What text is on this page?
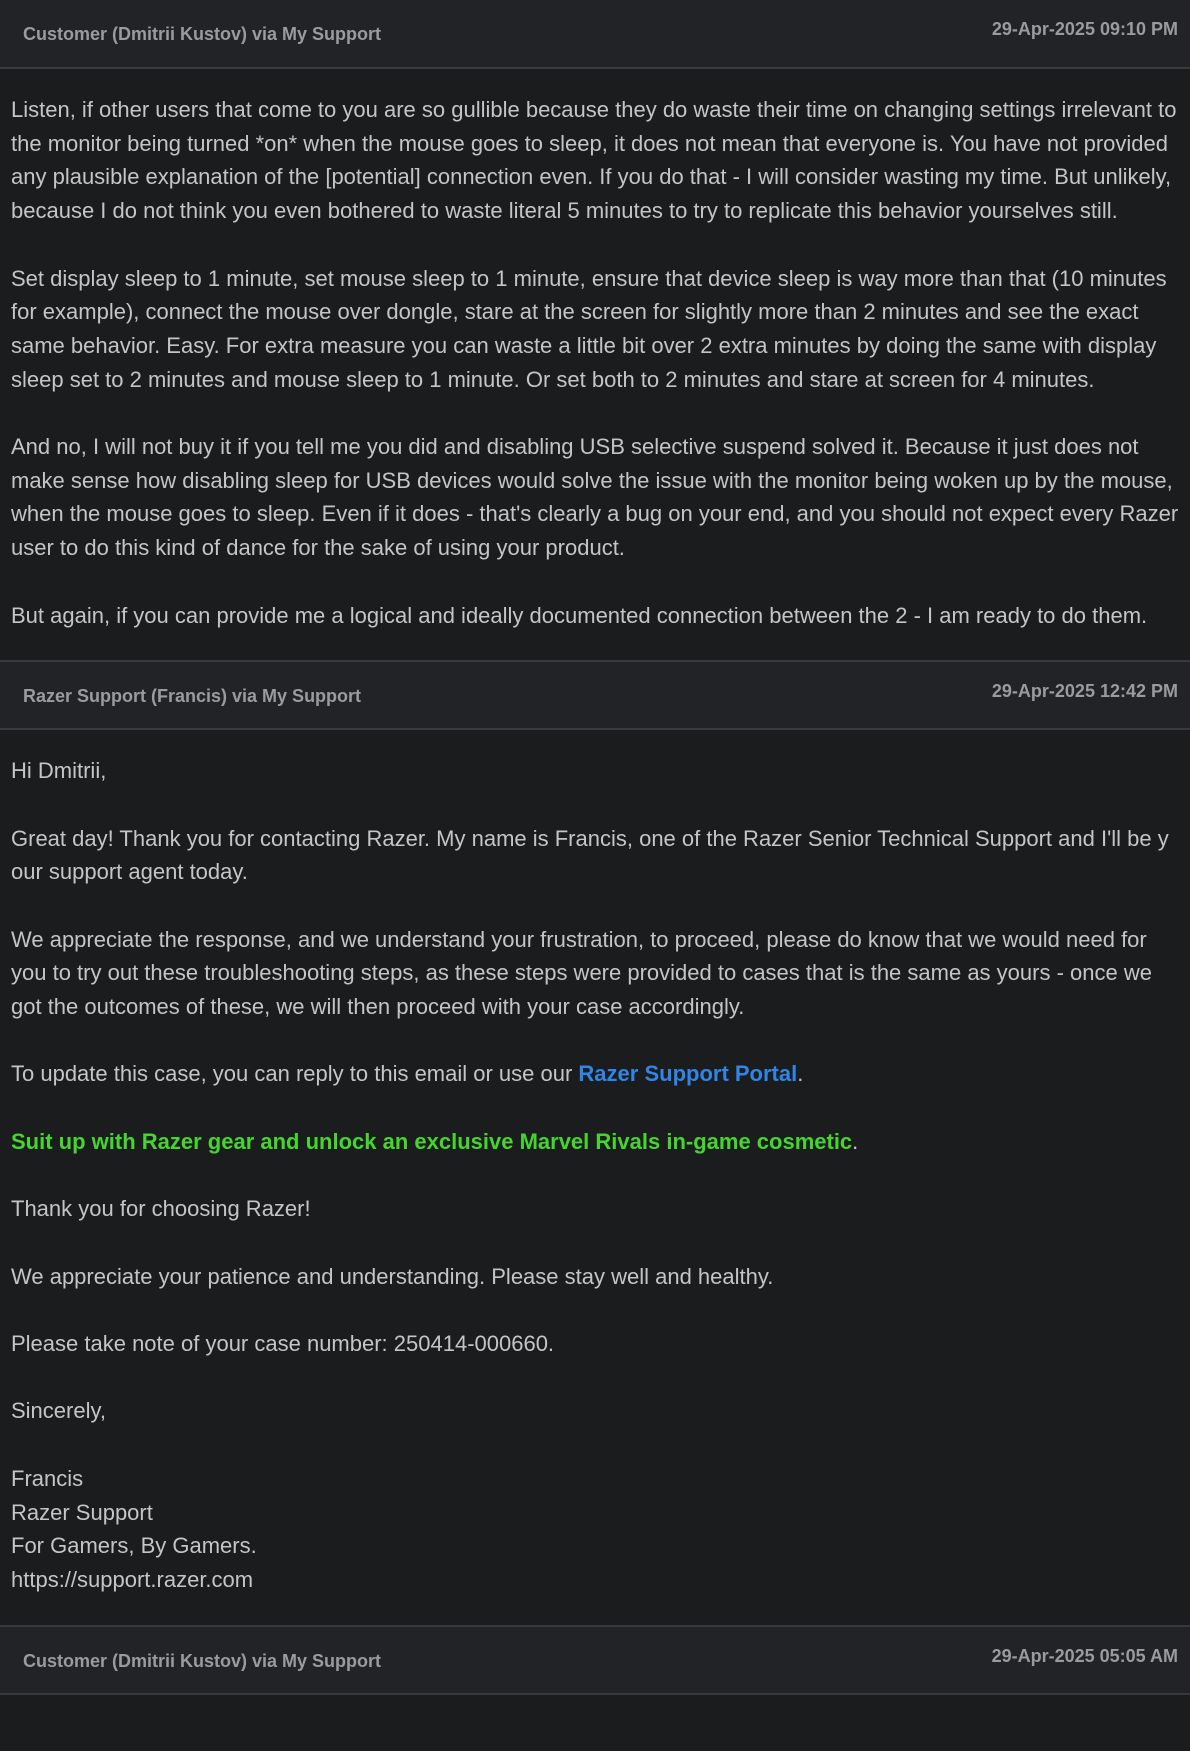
Customer (Dmitrii Kustov) via My Support	29-Apr-2025 09:10 PM

Listen, if other users that come to you are so gullible because they do waste their time on changing settings irrelevant to the monitor being turned *on* when the mouse goes to sleep, it does not mean that everyone is. You have not provided any plausible explanation of the [potential] connection even. If you do that - I will consider wasting my time. But unlikely, because I do not think you even bothered to waste literal 5 minutes to try to replicate this behavior yourselves still.

Set display sleep to 1 minute, set mouse sleep to 1 minute, ensure that device sleep is way more than that (10 minutes for example), connect the mouse over dongle, stare at the screen for slightly more than 2 minutes and see the exact same behavior. Easy. For extra measure you can waste a little bit over 2 extra minutes by doing the same with display sleep set to 2 minutes and mouse sleep to 1 minute. Or set both to 2 minutes and stare at screen for 4 minutes.

And no, I will not buy it if you tell me you did and disabling USB selective suspend solved it. Because it just does not make sense how disabling sleep for USB devices would solve the issue with the monitor being woken up by the mouse, when the mouse goes to sleep. Even if it does - that's clearly a bug on your end, and you should not expect every Razer user to do this kind of dance for the sake of using your product.

But again, if you can provide me a logical and ideally documented connection between the 2 - I am ready to do them.

Razer Support (Francis) via My Support	29-Apr-2025 12:42 PM

Hi Dmitrii,

Great day! Thank you for contacting Razer. My name is Francis, one of the Razer Senior Technical Support and I'll be y our support agent today.

We appreciate the response, and we understand your frustration, to proceed, please do know that we would need for you to try out these troubleshooting steps, as these steps were provided to cases that is the same as yours - once we got the outcomes of these, we will then proceed with your case accordingly.

To update this case, you can reply to this email or use our Razer Support Portal.

Suit up with Razer gear and unlock an exclusive Marvel Rivals in-game cosmetic.

Thank you for choosing Razer!

We appreciate your patience and understanding. Please stay well and healthy.

Please take note of your case number: 250414-000660.

Sincerely,

Francis
Razer Support
For Gamers, By Gamers.
https://support.razer.com

Customer (Dmitrii Kustov) via My Support	29-Apr-2025 05:05 AM
